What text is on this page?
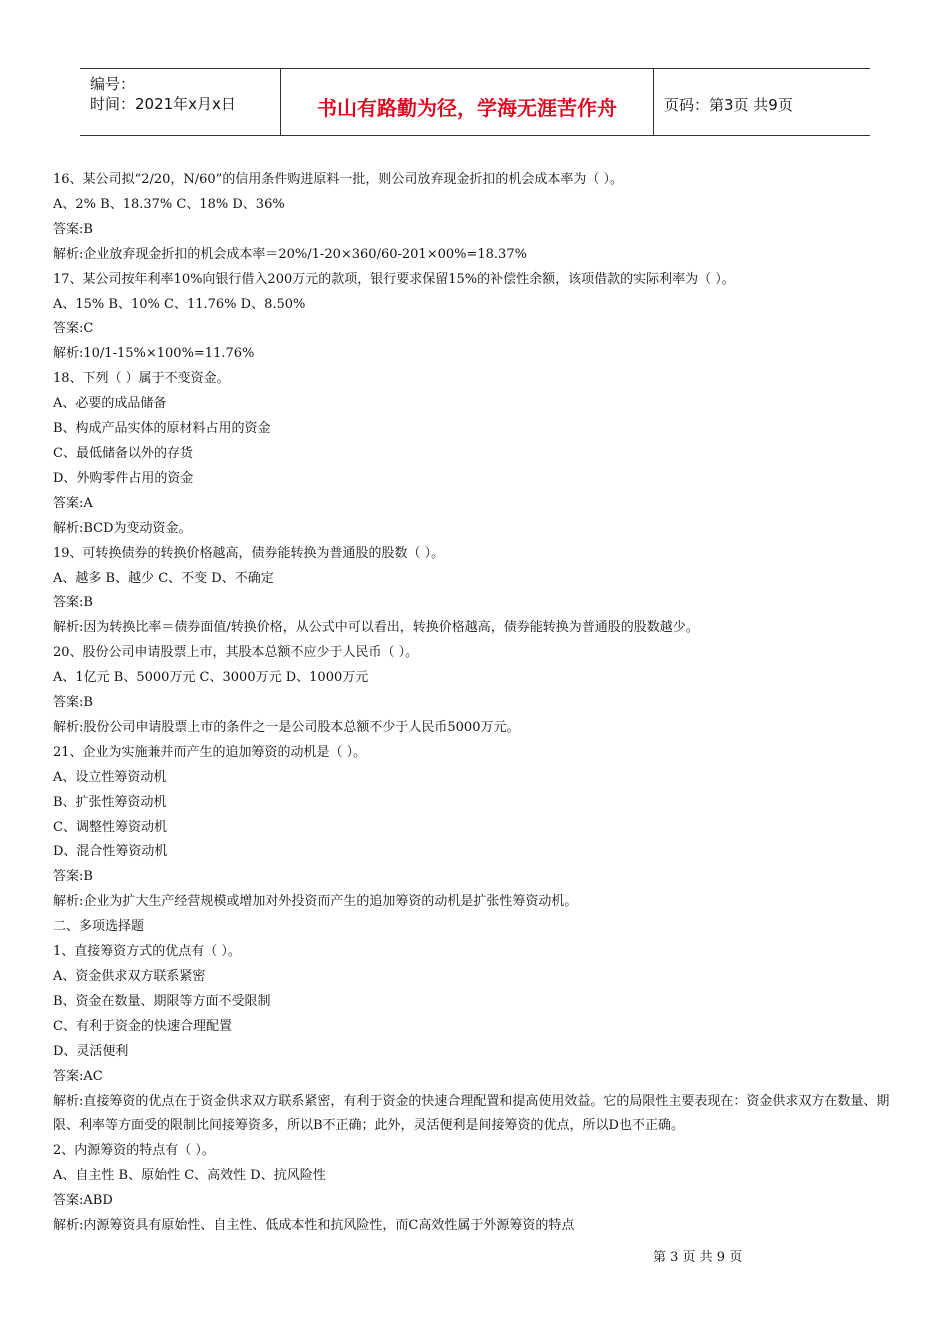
编号：
时间：2021年x月x日	书山有路勤为径，学海无涯苦作舟	页码：第3页 共9页
16、某公司拟“2/20，N/60”的信用条件购进原料一批，则公司放弃现金折扣的机会成本率为（ ）。
A、2% B、18.37% C、18% D、36%
答案:B
解析:企业放弃现金折扣的机会成本率＝20%/1-20×360/60-201×00%=18.37%
17、某公司按年利率10%向银行借入200万元的款项，银行要求保留15%的补偿性余额，该项借款的实际利率为（ ）。
A、15% B、10% C、11.76% D、8.50%
答案:C
解析:10/1-15%×100%=11.76%
18、下列（ ）属于不变资金。
A、必要的成品储备
B、构成产品实体的原材料占用的资金
C、最低储备以外的存货
D、外购零件占用的资金
答案:A
解析:BCD为变动资金。
19、可转换债券的转换价格越高，债券能转换为普通股的股数（ ）。
A、越多 B、越少 C、不变 D、不确定
答案:B
解析:因为转换比率＝债券面值/转换价格，从公式中可以看出，转换价格越高，债券能转换为普通股的股数越少。
20、股份公司申请股票上市，其股本总额不应少于人民币（ ）。
A、1亿元 B、5000万元 C、3000万元 D、1000万元
答案:B
解析:股份公司申请股票上市的条件之一是公司股本总额不少于人民币5000万元。
21、企业为实施兼并而产生的追加筹资的动机是（ ）。
A、设立性筹资动机
B、扩张性筹资动机
C、调整性筹资动机
D、混合性筹资动机
答案:B
解析:企业为扩大生产经营规模或增加对外投资而产生的追加筹资的动机是扩张性筹资动机。
二、多项选择题
1、直接筹资方式的优点有（ ）。
A、资金供求双方联系紧密
B、资金在数量、期限等方面不受限制
C、有利于资金的快速合理配置
D、灵活便利
答案:AC
解析:直接筹资的优点在于资金供求双方联系紧密，有利于资金的快速合理配置和提高使用效益。它的局限性主要表现在：资金供求双方在数量、期限、利率等方面受的限制比间接筹资多，所以B不正确；此外，灵活便利是间接筹资的优点，所以D也不正确。
2、内源筹资的特点有（ ）。
A、自主性 B、原始性 C、高效性 D、抗风险性
答案:ABD
解析:内源筹资具有原始性、自主性、低成本性和抗风险性，而C高效性属于外源筹资的特点
第 3 页 共 9 页
